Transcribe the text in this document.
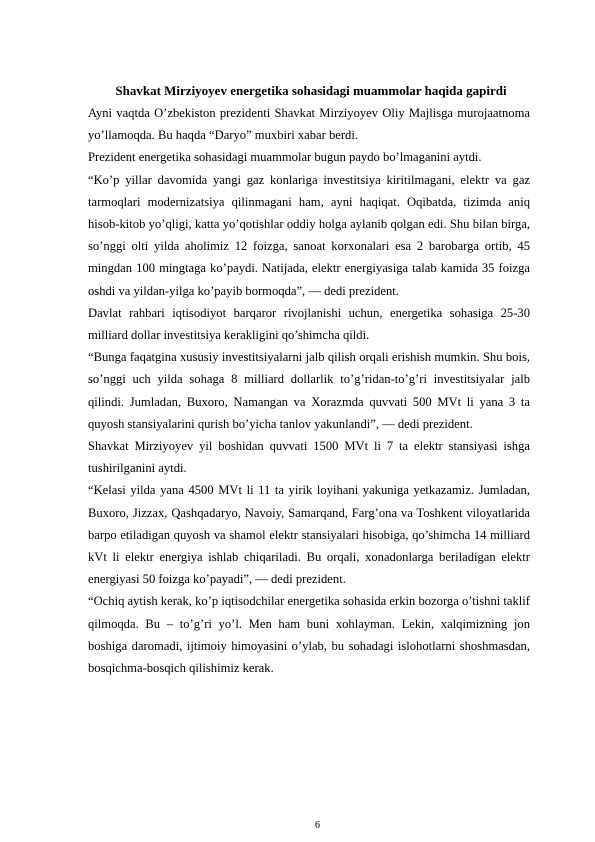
Shavkat Mirziyoyev energetika sohasidagi muammolar haqida gapirdi

Ayni vaqtda O’zbekiston prezidenti Shavkat Mirziyoyev Oliy Majlisga murojaatnoma yo’llamoqda. Bu haqda “Daryo” muxbiri xabar berdi.

Prezident energetika sohasidagi muammolar bugun paydo bo’lmaganini aytdi.

“Ko’p yillar davomida yangi gaz konlariga investitsiya kiritilmagani, elektr va gaz tarmoqlari modernizatsiya qilinmagani ham, ayni haqiqat. Oqibatda, tizimda aniq hisob-kitob yo’qligi, katta yo’qotishlar oddiy holga aylanib qolgan edi. Shu bilan birga, so’nggi olti yilda aholimiz 12 foizga, sanoat korxonalari esa 2 barobarga ortib, 45 mingdan 100 mingtaga ko’paydi. Natijada, elektr energiyasiga talab kamida 35 foizga oshdi va yildan-yilga ko’payib bormoqda”, — dedi prezident.

Davlat rahbari iqtisodiyot barqaror rivojlanishi uchun, energetika sohasiga 25-30 milliard dollar investitsiya kerakligini qo’shimcha qildi.

“Bunga faqatgina xususiy investitsiyalarni jalb qilish orqali erishish mumkin. Shu bois, so’nggi uch yilda sohaga 8 milliard dollarlik to’g’ridan-to’g’ri investitsiyalar jalb qilindi. Jumladan, Buxoro, Namangan va Xorazmda quvvati 500 MVt li yana 3 ta quyosh stansiyalarini qurish bo’yicha tanlov yakunlandi”, — dedi prezident.

Shavkat Mirziyoyev yil boshidan quvvati 1500 MVt li 7 ta elektr stansiyasi ishga tushirilganini aytdi.

“Kelasi yilda yana 4500 MVt li 11 ta yirik loyihani yakuniga yetkazamiz. Jumladan, Buxoro, Jizzax, Qashqadaryo, Navoiy, Samarqand, Farg’ona va Toshkent viloyatlarida barpo etiladigan quyosh va shamol elektr stansiyalari hisobiga, qo’shimcha 14 milliard kVt li elektr energiya ishlab chiqariladi. Bu orqali, xonadonlarga beriladigan elektr energiyasi 50 foizga ko’payadi”, — dedi prezident.

“Ochiq aytish kerak, ko’p iqtisodchilar energetika sohasida erkin bozorga o’tishni taklif qilmoqda. Bu – to’g’ri yo’l. Men ham buni xohlayman. Lekin, xalqimizning jon boshiga daromadi, ijtimoiy himoyasini o’ylab, bu sohadagi islohotlarni shoshmasdan, bosqichma-bosqich qilishimiz kerak.

6
